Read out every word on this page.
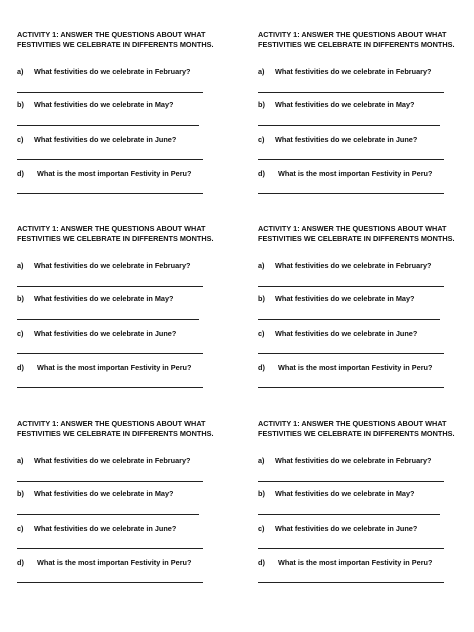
ACTIVITY 1: ANSWER THE QUESTIONS ABOUT WHAT
FESTIVITIES WE CELEBRATE IN DIFFERENTS MONTHS.
a) What festivities do we celebrate in February?
b) What festivities do we celebrate in May?
c) What festivities do we celebrate in June?
d) What is the most importan Festivity in Peru?
ACTIVITY 1: ANSWER THE QUESTIONS ABOUT WHAT
FESTIVITIES WE CELEBRATE IN DIFFERENTS MONTHS.
a) What festivities do we celebrate in February?
b) What festivities do we celebrate in May?
c) What festivities do we celebrate in June?
d) What is the most importan Festivity in Peru?
ACTIVITY 1: ANSWER THE QUESTIONS ABOUT WHAT
FESTIVITIES WE CELEBRATE IN DIFFERENTS MONTHS.
a) What festivities do we celebrate in February?
b) What festivities do we celebrate in May?
c) What festivities do we celebrate in June?
d) What is the most importan Festivity in Peru?
ACTIVITY 1: ANSWER THE QUESTIONS ABOUT WHAT
FESTIVITIES WE CELEBRATE IN DIFFERENTS MONTHS.
a) What festivities do we celebrate in February?
b) What festivities do we celebrate in May?
c) What festivities do we celebrate in June?
d) What is the most importan Festivity in Peru?
ACTIVITY 1: ANSWER THE QUESTIONS ABOUT WHAT
FESTIVITIES WE CELEBRATE IN DIFFERENTS MONTHS.
a) What festivities do we celebrate in February?
b) What festivities do we celebrate in May?
c) What festivities do we celebrate in June?
d) What is the most importan Festivity in Peru?
ACTIVITY 1: ANSWER THE QUESTIONS ABOUT WHAT
FESTIVITIES WE CELEBRATE IN DIFFERENTS MONTHS.
a) What festivities do we celebrate in February?
b) What festivities do we celebrate in May?
c) What festivities do we celebrate in June?
d) What is the most importan Festivity in Peru?
